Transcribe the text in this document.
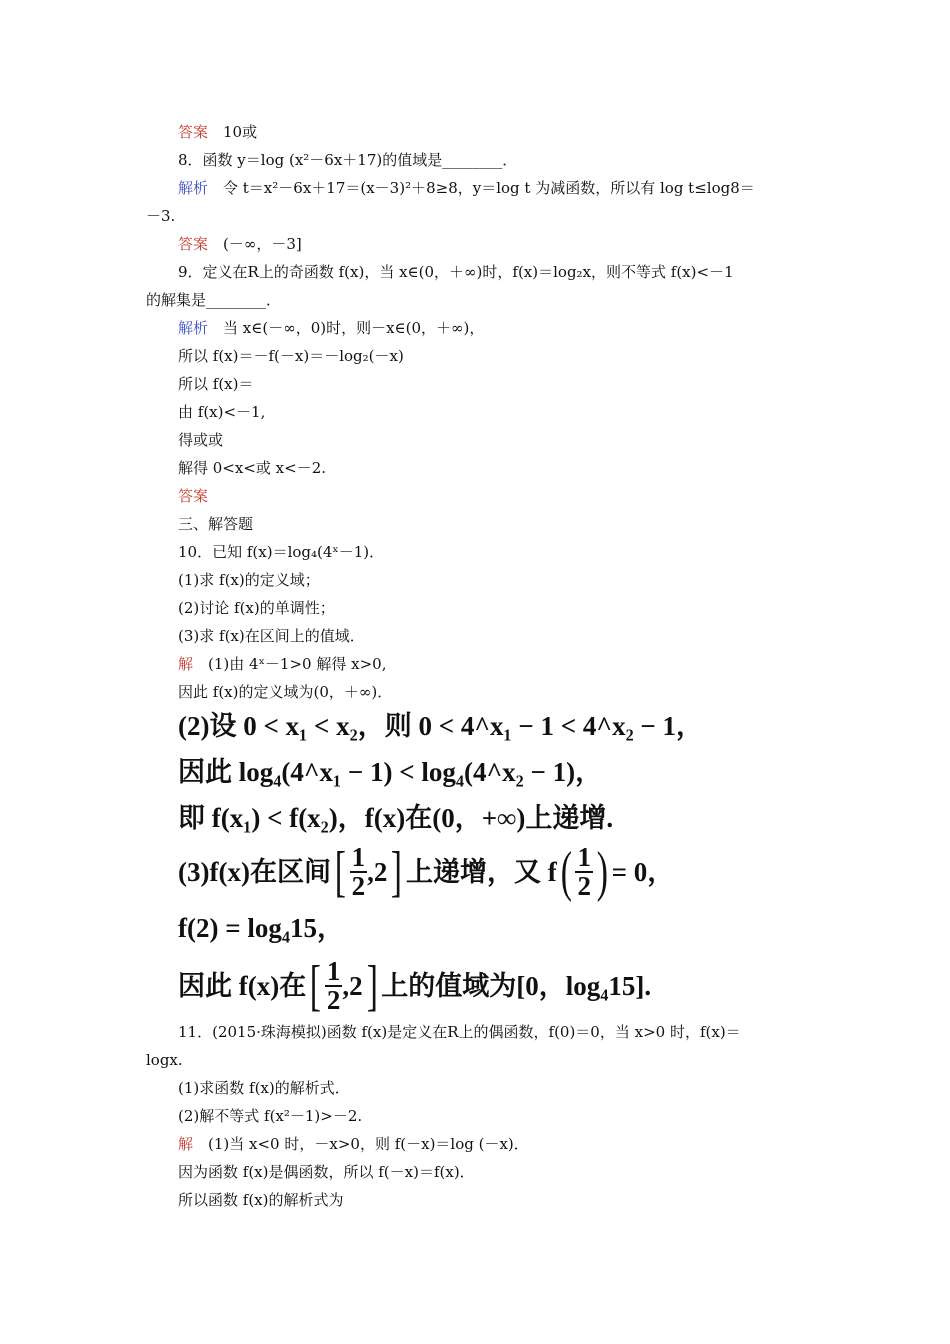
答案　10或
8．函数 y＝log (x²－6x＋17)的值域是________．
解析　令 t＝x²－6x＋17＝(x－3)²＋8≥8，y＝log t 为减函数，所以有 log t≤log8＝
－3.
答案　(－∞，－3]
9．定义在R上的奇函数 f(x)，当 x∈(0，＋∞)时，f(x)＝log₂x，则不等式 f(x)<－1
的解集是________．
解析　当 x∈(－∞，0)时，则－x∈(0，＋∞)，
所以 f(x)＝－f(－x)＝－log₂(－x)
所以 f(x)＝
由 f(x)<－1,
得或或
解得 0<x<或 x<－2.
答案
三、解答题
10．已知 f(x)＝log₄(4ˣ－1)．
(1)求 f(x)的定义域；
(2)讨论 f(x)的单调性；
(3)求 f(x)在区间上的值域．
解　(1)由 4ˣ－1>0 解得 x>0,
因此 f(x)的定义域为(0，＋∞)．
(2)设 0 < x₁ < x₂，则 0 < 4^x₁ − 1 < 4^x₂ − 1，
因此 log₄(4^x₁ − 1) < log₄(4^x₂ − 1)，
即 f(x₁) < f(x₂)，f(x)在(0，+∞)上递增.
(3)f(x)在区间 [ $\frac{1}{2} ,2$ ] 上递增，又 f ( $\frac{1}{2}$ ) = 0，
f(2) = log₄15，
因此 f(x)在 [ $\frac{1}{2} ,2$ ] 上的值域为[0，log₄15].
11．(2015·珠海模拟)函数 f(x)是定义在R上的偶函数，f(0)＝0，当 x>0 时，f(x)＝
logx.
(1)求函数 f(x)的解析式．
(2)解不等式 f(x²－1)>－2.
解　(1)当 x<0 时，－x>0，则 f(－x)＝log (－x)．
因为函数 f(x)是偶函数，所以 f(－x)＝f(x)．
所以函数 f(x)的解析式为
